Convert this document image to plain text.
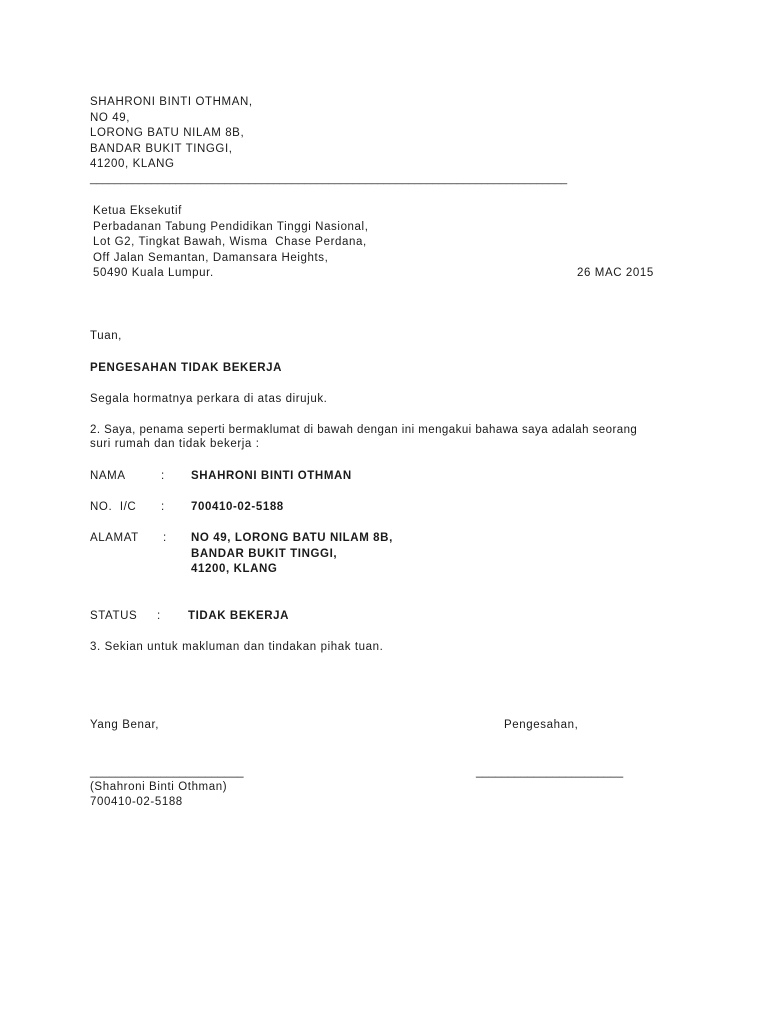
SHAHRONI BINTI OTHMAN,
NO 49,
LORONG BATU NILAM 8B,
BANDAR BUKIT TINGGI,
41200, KLANG
______________________________________________________________________________
Ketua Eksekutif
Perbadanan Tabung Pendidikan Tinggi Nasional,
Lot G2, Tingkat Bawah, Wisma  Chase Perdana,
Off Jalan Semantan, Damansara Heights,
50490 Kuala Lumpur.	26 MAC 2015
Tuan,
PENGESAHAN TIDAK BEKERJA
Segala hormatnya perkara di atas dirujuk.
2. Saya, penama seperti bermaklumat di bawah dengan ini mengakui bahawa saya adalah seorang
suri rumah dan tidak bekerja :
NAMA	: SHAHRONI BINTI OTHMAN
NO.  I/C : 700410-02-5188
ALAMAT : NO 49, LORONG BATU NILAM 8B,
BANDAR BUKIT TINGGI,
41200, KLANG
STATUS : TIDAK BEKERJA
3. Sekian untuk makluman dan tindakan pihak tuan.
Yang Benar,	Pengesahan,
________________________	_______________________
(Shahroni Binti Othman)
700410-02-5188
